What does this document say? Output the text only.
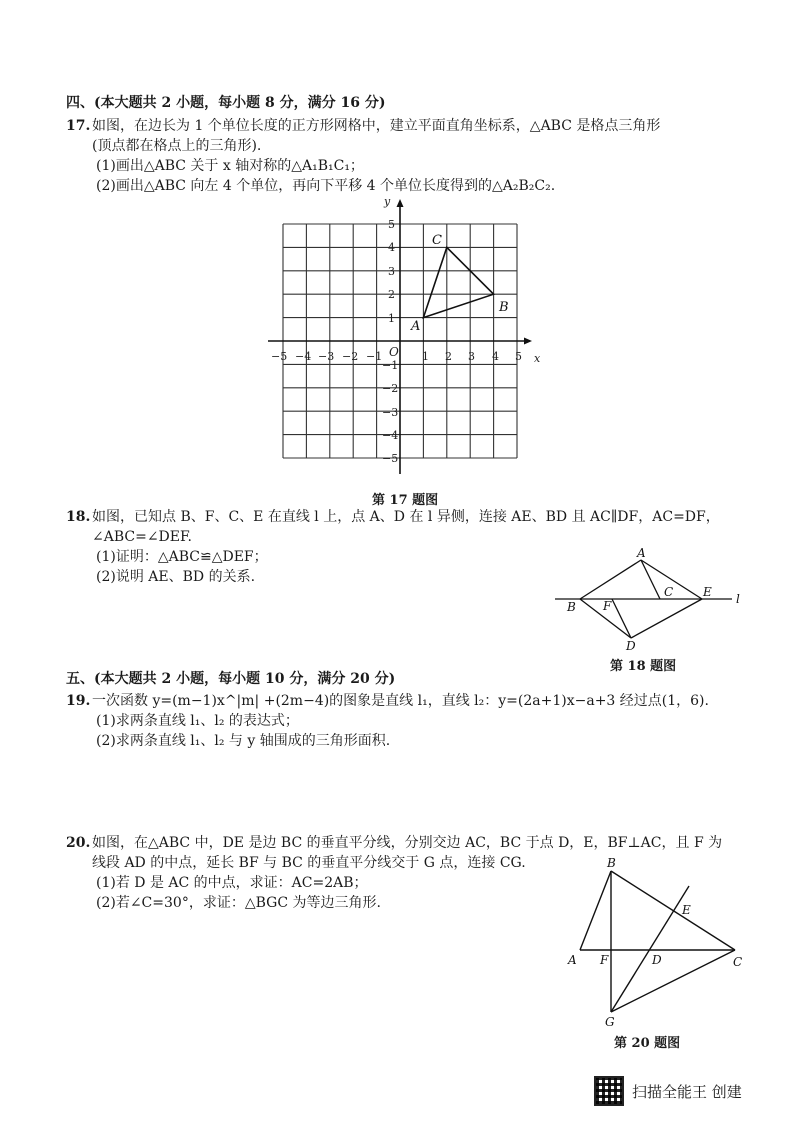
四、(本大题共 2 小题，每小题 8 分，满分 16 分)
17. 如图，在边长为 1 个单位长度的正方形网格中，建立平面直角坐标系，△ABC 是格点三角形
(顶点都在格点上的三角形).
(1)画出△ABC 关于 x 轴对称的△A₁B₁C₁；
(2)画出△ABC 向左 4 个单位，再向下平移 4 个单位长度得到的△A₂B₂C₂.
x
y
O
−5 −4 −3 −2 −1	1 2 3 4 5
5
4
3
2
1
−1
−2
−3
−4
−5
A
B
C
第 17 题图
18. 如图，已知点 B、F、C、E 在直线 l 上，点 A、D 在 l 异侧，连接 AE、BD 且 AC∥DF，AC=DF，
∠ABC=∠DEF.
(1)证明：△ABC≌△DEF；
(2)说明 AE、BD 的关系.
A
B F
C E l
D
第 18 题图
五、(本大题共 2 小题，每小题 10 分，满分 20 分)
19. 一次函数 y=(m−1)x^|m| +(2m−4)的图象是直线 l₁，直线 l₂：y=(2a+1)x−a+3 经过点(1，6).
(1)求两条直线 l₁、l₂ 的表达式；
(2)求两条直线 l₁、l₂ 与 y 轴围成的三角形面积.
20. 如图，在△ABC 中，DE 是边 BC 的垂直平分线，分别交边 AC，BC 于点 D，E，BF⊥AC，且 F 为
线段 AD 的中点，延长 BF 与 BC 的垂直平分线交于 G 点，连接 CG.
(1)若 D 是 AC 的中点，求证：AC=2AB；
(2)若∠C=30°，求证：△BGC 为等边三角形.
B
A F	D	C
E
G
第 20 题图
扫描全能王 创建
